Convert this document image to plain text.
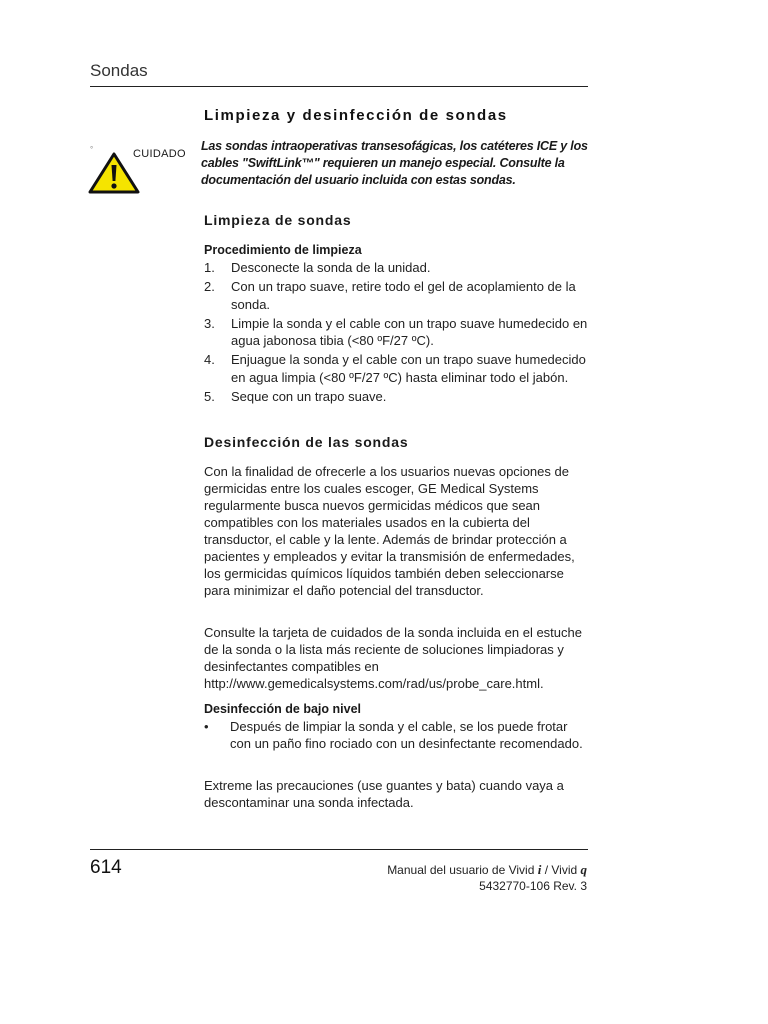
Sondas
Limpieza y desinfección de sondas
°	CUIDADO
Las sondas intraoperativas transesofágicas, los catéteres ICE y los cables "SwiftLink™" requieren un manejo especial. Consulte la documentación del usuario incluida con estas sondas.
Limpieza de sondas
Procedimiento de limpieza
1. Desconecte la sonda de la unidad.
2. Con un trapo suave, retire todo el gel de acoplamiento de la sonda.
3. Limpie la sonda y el cable con un trapo suave humedecido en agua jabonosa tibia (<80 ºF/27 ºC).
4. Enjuague la sonda y el cable con un trapo suave humedecido en agua limpia (<80 ºF/27 ºC) hasta eliminar todo el jabón.
5. Seque con un trapo suave.
Desinfección de las sondas

Con la finalidad de ofrecerle a los usuarios nuevas opciones de germicidas entre los cuales escoger, GE Medical Systems regularmente busca nuevos germicidas médicos que sean compatibles con los materiales usados en la cubierta del transductor, el cable y la lente. Además de brindar protección a pacientes y empleados y evitar la transmisión de enfermedades, los germicidas químicos líquidos también deben seleccionarse para minimizar el daño potencial del transductor.

Consulte la tarjeta de cuidados de la sonda incluida en el estuche de la sonda o la lista más reciente de soluciones limpiadoras y desinfectantes compatibles en http://www.gemedicalsystems.com/rad/us/probe_care.html.

Desinfección de bajo nivel
•	Después de limpiar la sonda y el cable, se los puede frotar con un paño fino rociado con un desinfectante recomendado.

Extreme las precauciones (use guantes y bata) cuando vaya a descontaminar una sonda infectada.

614	Manual del usuario de Vivid i / Vivid q
5432770-106 Rev. 3
